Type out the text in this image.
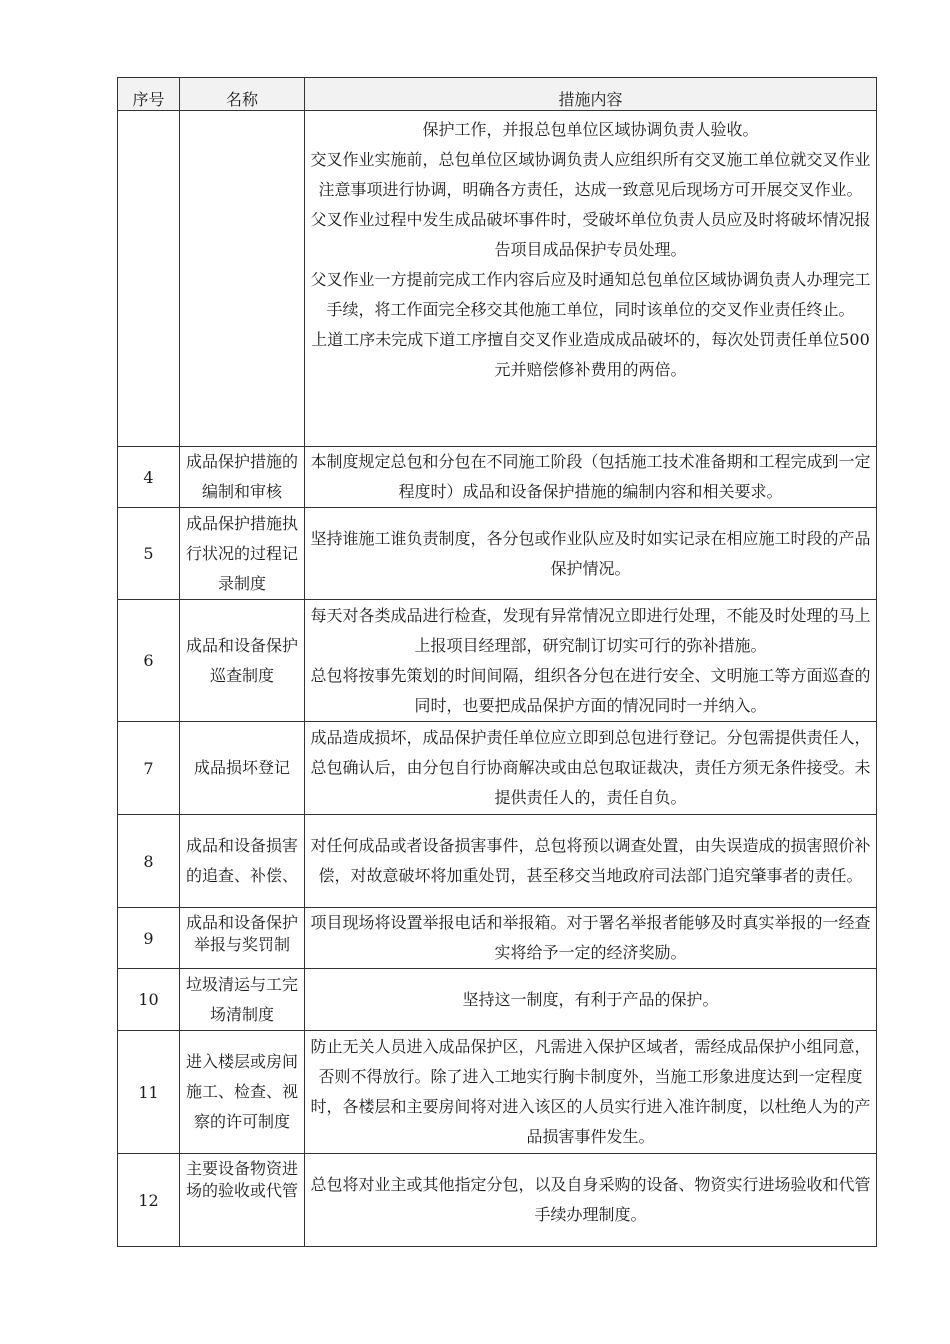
序号	名称	措施内容

		保护工作，并报总包单位区域协调负责人验收。

交叉作业实施前，总包单位区域协调负责人应组织所有交叉施工单位就交叉作业注意事项进行协调，明确各方责任，达成一致意见后现场方可开展交叉作业。

父叉作业过程中发生成品破坏事件时，受破坏单位负责人员应及时将破坏情况报告项目成品保护专员处理。

父叉作业一方提前完成工作内容后应及时通知总包单位区域协调负责人办理完工手续，将工作面完全移交其他施工单位，同时该单位的交叉作业责任终止。

上道工序未完成下道工序擅自交叉作业造成成品破坏的，每次处罚责任单位500元并赔偿修补费用的两倍。

4	成品保护措施的编制和审核	本制度规定总包和分包在不同施工阶段（包括施工技术准备期和工程完成到一定程度时）成品和设备保护措施的编制内容和相关要求。

5	成品保护措施执行状况的过程记录制度	坚持谁施工谁负责制度，各分包或作业队应及时如实记录在相应施工时段的产品保护情况。

6	成品和设备保护巡查制度	每天对各类成品进行检查，发现有异常情况立即进行处理，不能及时处理的马上上报项目经理部，研究制订切实可行的弥补措施。

总包将按事先策划的时间间隔，组织各分包在进行安全、文明施工等方面巡查的同时，也要把成品保护方面的情况同时一并纳入。

7	成品损坏登记	成品造成损坏，成品保护责任单位应立即到总包进行登记。分包需提供责任人，总包确认后，由分包自行协商解决或由总包取证裁决，责任方须无条件接受。未提供责任人的，责任自负。

8	成品和设备损害的追查、补偿、	对任何成品或者设备损害事件，总包将预以调查处置，由失误造成的损害照价补偿，对故意破坏将加重处罚，甚至移交当地政府司法部门追究肇事者的责任。

9	成品和设备保护举报与奖罚制	项目现场将设置举报电话和举报箱。对于署名举报者能够及时真实举报的一经查实将给予一定的经济奖励。

10	垃圾清运与工完场清制度	坚持这一制度，有利于产品的保护。

11	进入楼层或房间施工、检查、视察的许可制度	防止无关人员进入成品保护区，凡需进入保护区域者，需经成品保护小组同意，否则不得放行。除了进入工地实行胸卡制度外，当施工形象进度达到一定程度时，各楼层和主要房间将对进入该区的人员实行进入准许制度，以杜绝人为的产品损害事件发生。

12	主要设备物资进场的验收或代管	总包将对业主或其他指定分包，以及自身采购的设备、物资实行进场验收和代管手续办理制度。
